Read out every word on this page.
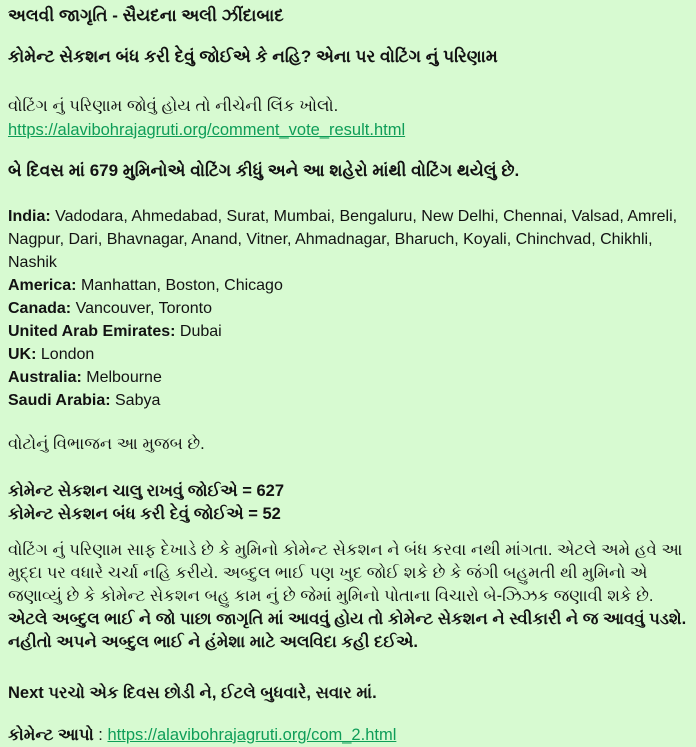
અલવી જાગૃતિ - સૈયદના અલી ઝીંદાબાદ
કોમેન્ટ સેકશન બંધ કરી દેવું જોઈએ કે નહિ? એના પર વોટિંગ નું પરિણામ

વોટિંગ નું પરિણામ જોવું હોય તો નીચેની લિંક ખોલો.
https://alavibohrajagruti.org/comment_vote_result.html

બે દિવસ માં 679 મુમિનોએ વોટિંગ કીધું અને આ શહેરો માંથી વોટિંગ થયેલું છે.
India: Vadodara, Ahmedabad, Surat, Mumbai, Bengaluru, New Delhi, Chennai, Valsad, Amreli, Nagpur, Dari, Bhavnagar, Anand, Vitner, Ahmadnagar, Bharuch, Koyali, Chinchvad, Chikhli, Nashik
America: Manhattan, Boston, Chicago
Canada: Vancouver, Toronto
United Arab Emirates: Dubai
UK: London
Australia: Melbourne
Saudi Arabia: Sabya

વોટોનું વિભાજન આ મુજબ છે.

કોમેન્ટ સેકશન ચાલુ રાખવું જોઈએ = 627
કોમેન્ટ સેકશન બંધ કરી દેવું જોઈએ = 52

વોટિંગ નું પરિણામ સાફ દેખાડે છે કે મુમિનો કોમેન્ટ સેકશન ને બંધ કરવા નથી માંગતા. એટલે અમે હવે આ મુદ્દા પર વધારે ચર્ચા નહિ કરીયે. અબ્દુલ ભાઈ પણ ખુદ જોઈ શકે છે કે જંગી બહુમતી થી મુમિનો એ જણાવ્યું છે કે કોમેન્ટ સેકશન બહુ કામ નું છે જેમાં મુમિનો પોતાના વિચારો બે-ઝિઝક જણાવી શકે છે. એટલે અબ્દુલ ભાઈ ને જો પાછા જાગૃતિ માં આવવું હોય તો કોમેન્ટ સેકશન ને સ્વીકારી ને જ આવવું પડશે. નહીતો અપને અબ્દુલ ભાઈ ને હંમેશા માટે અલવિદા કહી દઈએ.

Next પરચો એક દિવસ છોડી ને, ઈટલે બુધવારે, સવાર માં.

કોમેન્ટ આપો : https://alavibohrajagruti.org/com_2.html
